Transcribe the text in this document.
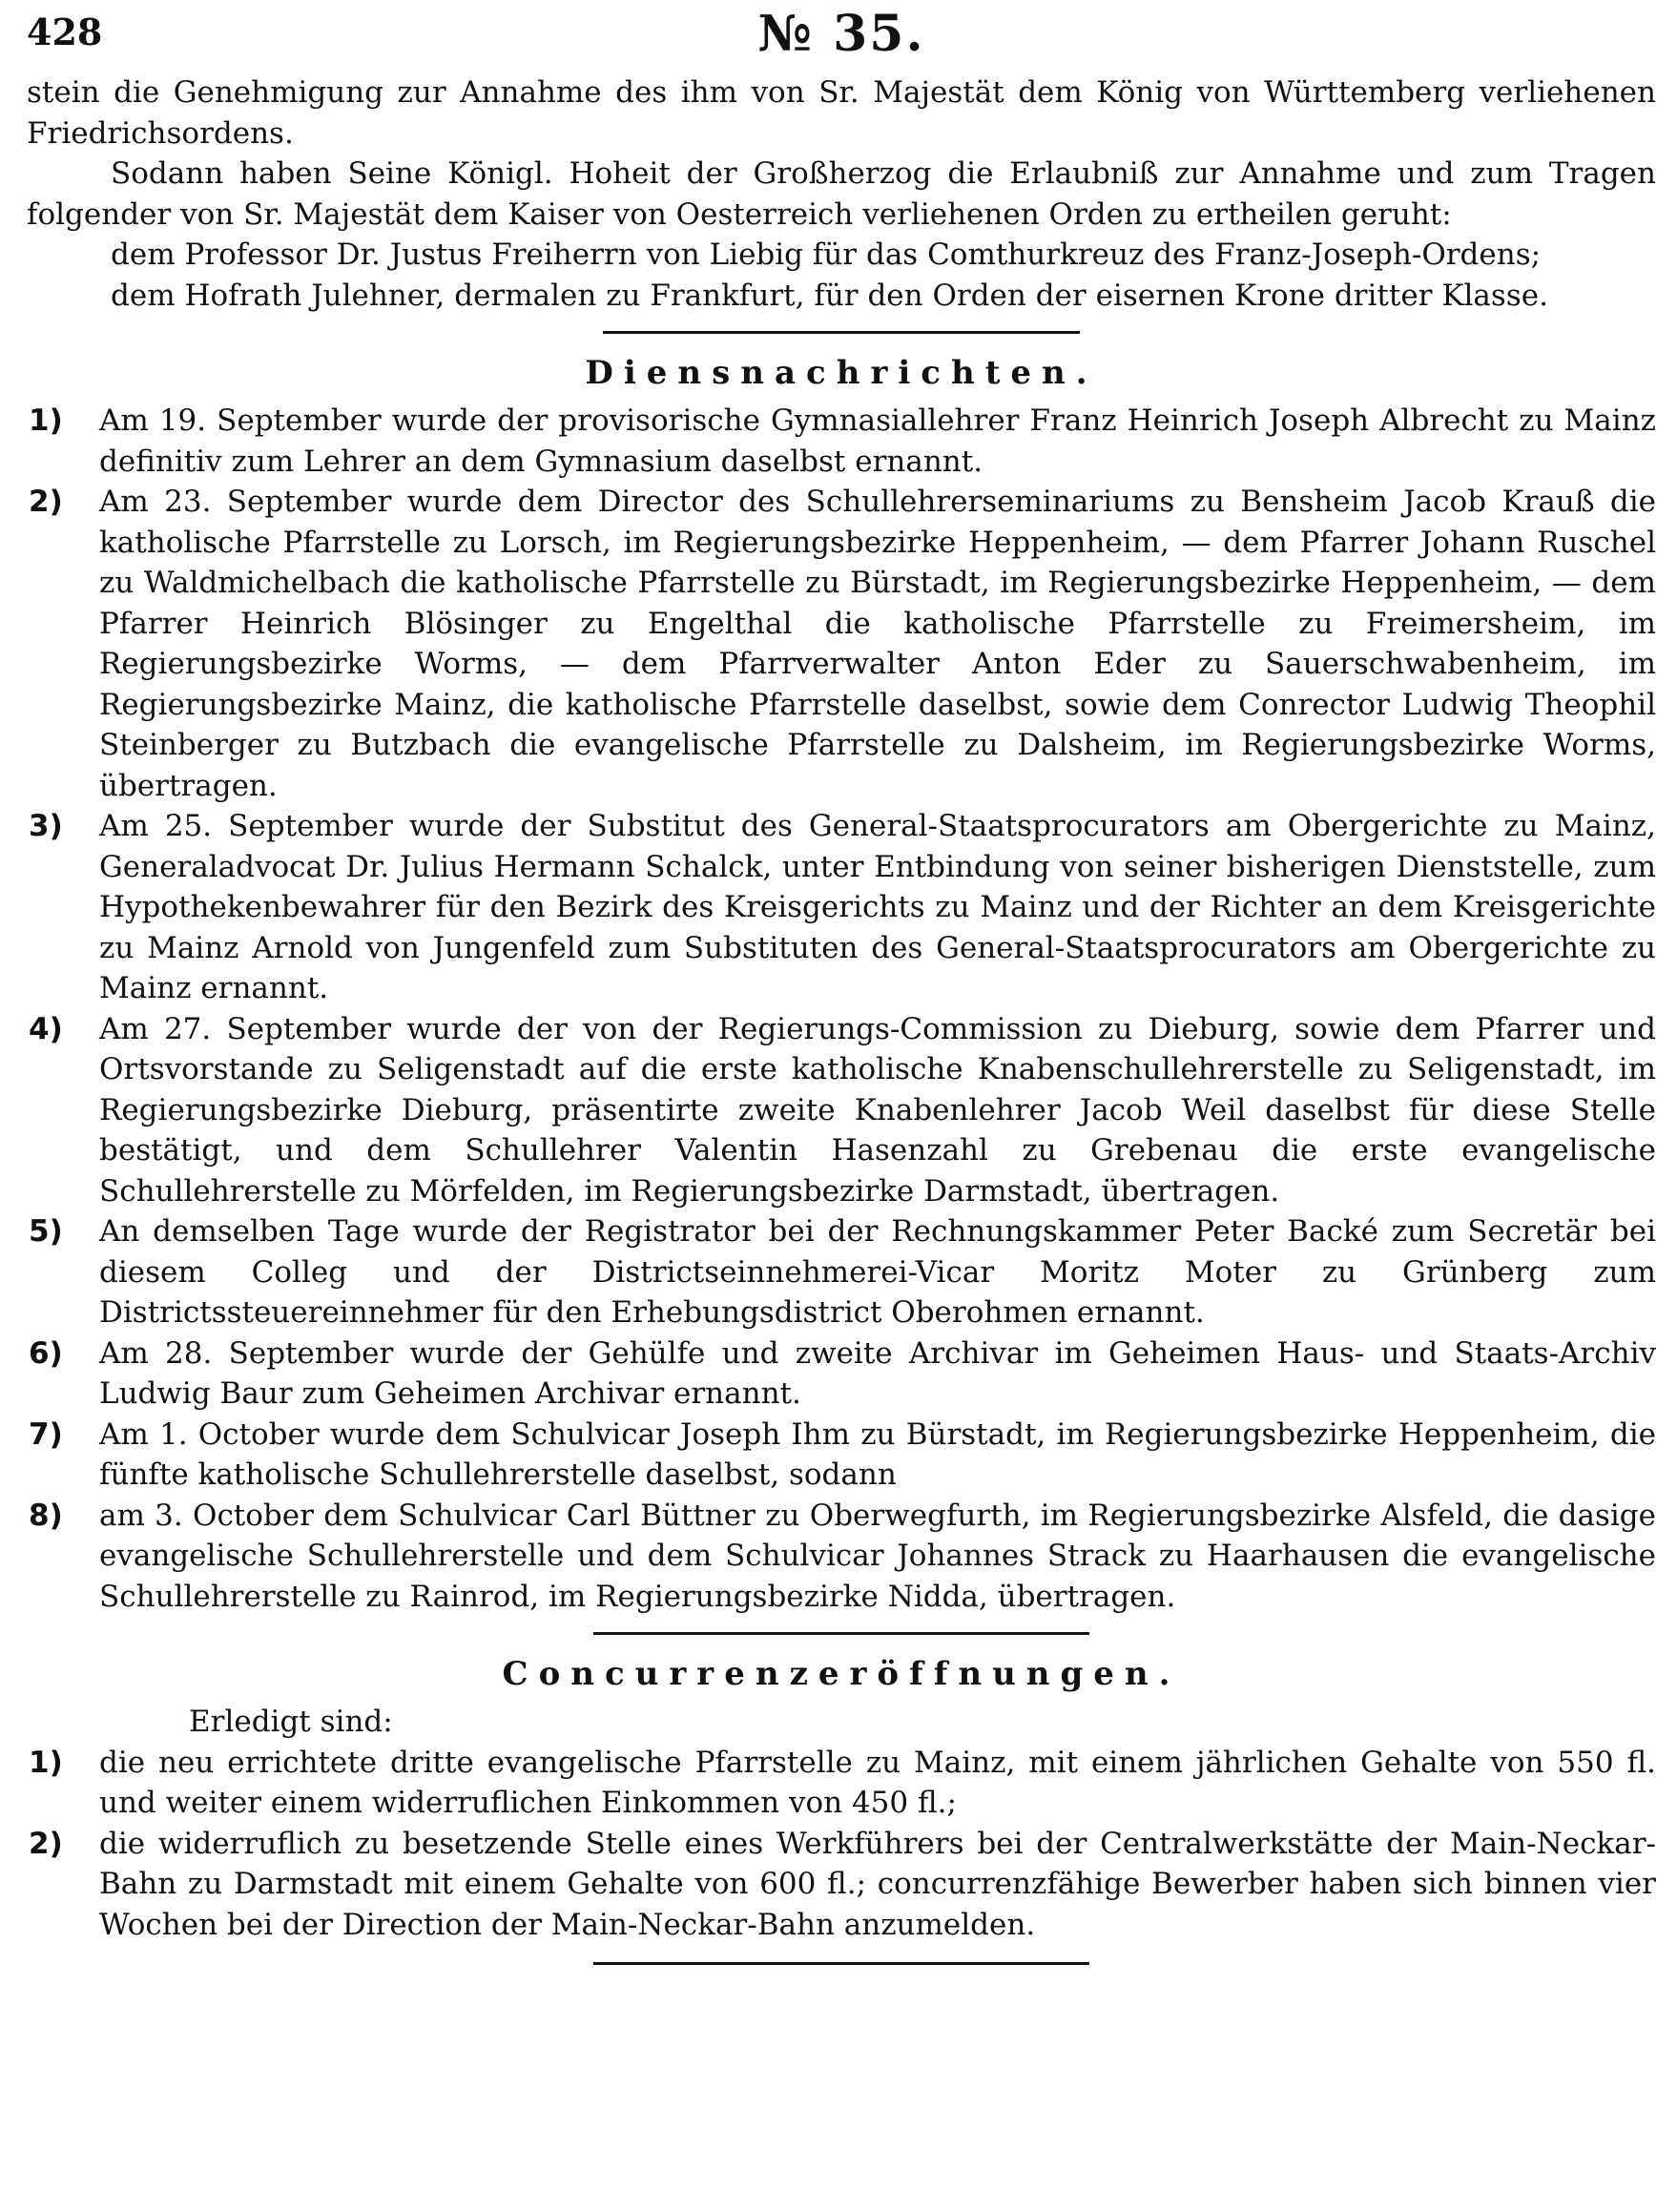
428	№ 35.

stein die Genehmigung zur Annahme des ihm von Sr. Majestät dem König von Württemberg verliehenen Friedrichsordens.

Sodann haben Seine Königl. Hoheit der Großherzog die Erlaubniß zur Annahme und zum Tragen folgender von Sr. Majestät dem Kaiser von Oesterreich verliehenen Orden zu ertheilen geruht:

dem Professor Dr. Justus Freiherrn von Liebig für das Comthurkreuz des Franz-Joseph-Ordens;

dem Hofrath Julehner, dermalen zu Frankfurt, für den Orden der eisernen Krone dritter Klasse.

Diensnachrichten.
1) Am 19. September wurde der provisorische Gymnasiallehrer Franz Heinrich Joseph Albrecht zu Mainz definitiv zum Lehrer an dem Gymnasium daselbst ernannt.
2) Am 23. September wurde dem Director des Schullehrerseminariums zu Bensheim Jacob Krauß die katholische Pfarrstelle zu Lorsch, im Regierungsbezirke Heppenheim, — dem Pfarrer Johann Ruschel zu Waldmichelbach die katholische Pfarrstelle zu Bürstadt, im Regierungsbezirke Heppenheim, — dem Pfarrer Heinrich Blösinger zu Engelthal die katholische Pfarrstelle zu Freimersheim, im Regierungsbezirke Worms, — dem Pfarrverwalter Anton Eder zu Sauerschwabenheim, im Regierungsbezirke Mainz, die katholische Pfarrstelle daselbst, sowie dem Conrector Ludwig Theophil Steinberger zu Butzbach die evangelische Pfarrstelle zu Dalsheim, im Regierungsbezirke Worms, übertragen.
3) Am 25. September wurde der Substitut des General-Staatsprocurators am Obergerichte zu Mainz, Generaladvocat Dr. Julius Hermann Schalck, unter Entbindung von seiner bisherigen Dienststelle, zum Hypothekenbewahrer für den Bezirk des Kreisgerichts zu Mainz und der Richter an dem Kreisgerichte zu Mainz Arnold von Jungenfeld zum Substituten des General-Staatsprocurators am Obergerichte zu Mainz ernannt.
4) Am 27. September wurde der von der Regierungs-Commission zu Dieburg, sowie dem Pfarrer und Ortsvorstande zu Seligenstadt auf die erste katholische Knabenschullehrerstelle zu Seligenstadt, im Regierungsbezirke Dieburg, präsentirte zweite Knabenlehrer Jacob Weil daselbst für diese Stelle bestätigt, und dem Schullehrer Valentin Hasenzahl zu Grebenau die erste evangelische Schullehrerstelle zu Mörfelden, im Regierungsbezirke Darmstadt, übertragen.
5) An demselben Tage wurde der Registrator bei der Rechnungskammer Peter Backé zum Secretär bei diesem Colleg und der Districtseinnehmerei-Vicar Moritz Moter zu Grünberg zum Districtssteuereinnehmer für den Erhebungsdistrict Oberohmen ernannt.
6) Am 28. September wurde der Gehülfe und zweite Archivar im Geheimen Haus- und Staats-Archiv Ludwig Baur zum Geheimen Archivar ernannt.
7) Am 1. October wurde dem Schulvicar Joseph Ihm zu Bürstadt, im Regierungsbezirke Heppenheim, die fünfte katholische Schullehrerstelle daselbst, sodann
8) am 3. October dem Schulvicar Carl Büttner zu Oberwegfurth, im Regierungsbezirke Alsfeld, die dasige evangelische Schullehrerstelle und dem Schulvicar Johannes Strack zu Haarhausen die evangelische Schullehrerstelle zu Rainrod, im Regierungsbezirke Nidda, übertragen.
Concurrenzeröffnungen.

Erledigt sind:

1) die neu errichtete dritte evangelische Pfarrstelle zu Mainz, mit einem jährlichen Gehalte von 550 fl. und weiter einem widerruflichen Einkommen von 450 fl.;
2) die widerruflich zu besetzende Stelle eines Werkführers bei der Centralwerkstätte der Main-Neckar-Bahn zu Darmstadt mit einem Gehalte von 600 fl.; concurrenzfähige Bewerber haben sich binnen vier Wochen bei der Direction der Main-Neckar-Bahn anzumelden.
